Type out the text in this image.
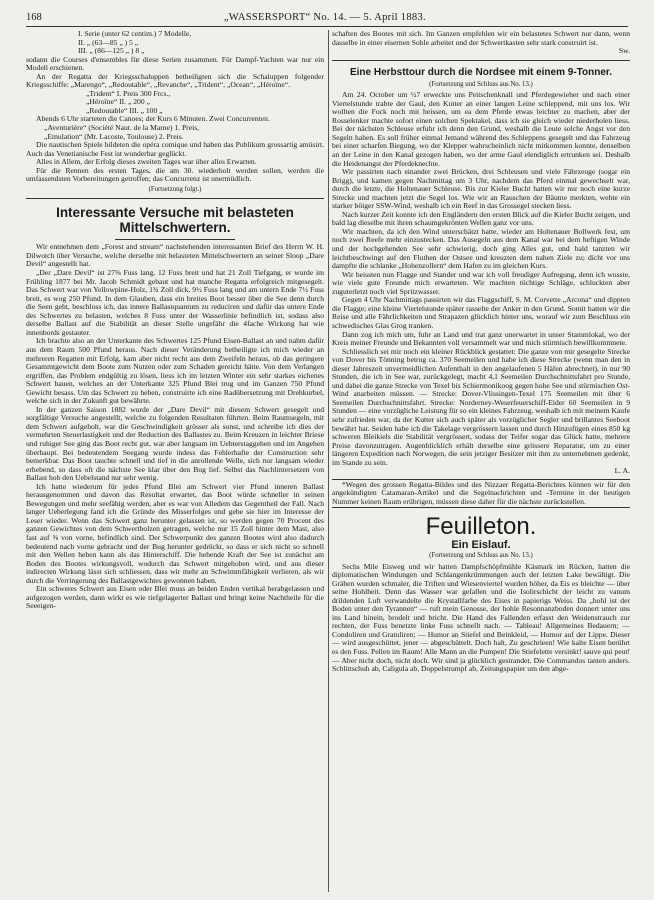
168	„WASSERSPORT“ No. 14. — 5. April 1883.
I. Serie (unter 62 centim.) 7 Modelle,
II. „ (63—85 „ ) 5 „
III. „ (86—125 „ ) 8 „

sodann die Courses d'ensembles für diese Serien zusammen. Für Dampf-Yachten war nur ein Modell erschienen.

An der Regatta der Kriegsschaluppen betheiligten sich die Schaluppen folgender Kriegsschiffe: „Marengo“, „Redoutable“, „Revanche“, „Trident“, „Ocean“, „Héroïne“.

„Trident“ I. Preis 300 Frcs.,
„Héroïne“ II. „ 200 „
„Redoutable“ III. „ 100 „

Abends 6 Uhr starteten die Canoes; der Kurs 6 Minuten. Zwei Concurrenten.

„Aventurière“ (Société Naut. de la Marne) 1. Preis,
„Emulation“ (Mr. Lacoste, Toulouse) 2. Preis.

Die nautischen Spiele bildeten die opéra comique und haben das Publikum grossartig amüsirt. Auch das Venetianische Fest ist wunderbar geglückt.

Alles in Allem, der Erfolg dieses zweiten Tages war über alles Erwarten.

Für die Rennen des ersten Tages, die am 30. wiederholt werden sollen, werden die umfassendsten Vorbereitungen getroffen; das Concurrenz ist unermüdlich.

(Fortsetzung folgt.)
Interessante Versuche mit belasteten Mittelschwertern.

Wir entnehmen dem „Forest and stream“ nachstehenden interessanten Brief des Herrn W. H. Dilwotch über Versuche, welche derselbe mit belasteten Mittelschwertern an seiner Sloop „Dare Devil“ angestellt hat.

„Der „Dare Devil“ ist 27⅝ Fuss lang, 12 Fuss breit und hat 21 Zoll Tiefgang, er wurde im Frühling 1877 bei Mr. Jacob Schmidt gebaut und hat manche Regatta erfolgreich mitgesegelt. Das Schwert war von Yellowpine-Holz, 1¾ Zoll dick, 9½ Fuss lang und am untern Ende 7½ Fuss breit, es wog 250 Pfund. In dem Glauben, dass ein breites Boot besser über die See denn durch die Seen geht, beschloss ich, das innere Ballastquantum zu reduciren und dafür das untere Ende des Schwertes zu belasten, welches 8 Fuss unter der Wasserlinie befindlich ist, sodass also derselbe Ballast auf die Stabilität an dieser Stelle ungefähr die 4fache Wirkung hat wie innenbords gestauter.

Ich brachte also an der Unterkante des Schwertes 125 Pfund Eisen-Ballast an und nahm dafür aus dem Raum 500 Pfund heraus. Nach dieser Veränderung betheiligte ich mich wieder an mehreren Regatten mit Erfolg, kam aber nicht recht aus dem Zweifeln heraus, ob das geringere Gesammtgewicht dem Boote zum Nutzen oder zum Schaden gereicht hätte. Von dem Verlangen ergriffen, das Problem endgültig zu lösen, liess ich im letzten Winter ein sehr starkes eichenes Schwert bauen, welches an der Unterkante 325 Pfund Blei trug und im Ganzen 750 Pfund Gewicht besass. Um das Schwert zu heben, construirte ich eine Radübersetzung mit Drehkurbel, welche sich in der Zukunft gut bewährte.

In der ganzen Saison 1882 wurde der „Dare Devil“ mit diesem Schwert gesegelt und sorgfältige Versuche angestellt, welche zu folgenden Resultaten führten. Beim Raumsegeln, mit dem Schwert aufgeholt, war die Geschwindigkeit grösser als sonst, und schreibe ich dies der vermehrten Steuerlastigkeit und der Reduction des Ballastes zu. Beim Kreuzen in leichter Briese und ruhiger See ging das Boot recht gut, war aber langsam im Uebterstaggehen und im Angehen überhaupt. Bei bedeutendem Seegang wurde indess das Fehlerhafte der Construction sehr bemerkbar. Das Boot tauchte schnell und tief in die anrollende Welle, sich nur langsam wieder erhebend, so dass oft die nächste See klar über den Bug lief. Selbst das Nachlintersetzen von Ballast hob den Uebelstand nur sehr wenig.

Ich hatte wiederum für jedes Pfund Blei am Schwert vier Pfund inneren Ballast herausgenommen und davon das Resultat erwartet, das Boot würde schneller in seinen Bewegungen und mehr seefähig werden, aber es war von Alledem das Gegentheil der Fall. Nach langer Ueberlegung fand ich die Gründe des Misserfolges und gebe sie hier im Interesse der Leser wieder. Wenn das Schwert ganz herunter gelassen ist, so werden gegen 70 Procent des ganzen Gewichtes von dem Schwertbolzen getragen, welche nur 15 Zoll hinter dem Mast, also fast auf ⅝ von vorne, befindlich sind. Der Schwerpunkt des ganzen Bootes wird also dadurch bedeutend nach vorne gebracht und der Bug herunter gedrückt, so dass er sich nicht so schnell mit den Wellen heben kann als das Hinterschiff. Die hebende Kraft der See ist zunächst am Boden des Bootes wirkungsvoll, wodurch das Schwert mitgehoben wird, und aus dieser indirecten Wirkung lässt sich schliessen, dass wir mehr an Schwimmfähigkeit verlieren, als wir durch die Verringerung des Ballastgewichtes gewonnen haben.

Ein schweres Schwert aus Eisen oder Blei muss an beiden Enden vertikal herabgelassen und aufgezogen werden, dann wirkt es wie tiefgelagerter Ballast und bringt keine Nachtheile für die Seeeigen-

schaften des Bootes mit sich. Im Ganzen empfehlen wir ein belastetes Schwert nur dann, wenn dasselbe in einer eisernen Sohle arbeitet und der Schwertkasten sehr stark construirt ist.

Sw.
Eine Herbsttour durch die Nordsee mit einem 9-Tonner.
(Fortsetzung und Schluss aus No. 13.)

Am 24. October um ½7 erweckte uns Peitschenknall und Pferdegewieher und nach einer Viertelstunde trabte der Gaul, den Kutter an einer langen Leine schleppend, mit uns los. Wir wollten die Fock noch mit heissen, um ea dem Pferde etwas leichter zu machen, aber der Rosselenker machte sofort einen solchen Spektakel, dass ich sie gleich wieder niederholen liess. Bei der nächsten Schleuse erfuhr ich denn den Grund, weshalb die Leute solche Angst vor den Segeln haben. Es soll früher einmal Jemand während des Schleppens gesegelt und das Fahrzeug bei einer scharfen Biegung, wo der Klepper wahrscheinlich nicht mitkommen konnte, denselben an der Leine in den Kanal gezogen haben, wo der arme Gaul elendiglich ertrunken sei. Deshalb die Heidenangst der Pferdeknechte.

Wir passirten nach einander zwei Brücken, drei Schleusen und viele Fährzeuge (sogar ein Brigg), und kamen gegen Nachmittag um 3 Uhr, nachdem das Pferd einmal gewechselt war, durch die letzte, die Holtenauer Schleuse. Bis zur Kieler Bucht hatten wir nur noch eine kurze Strecke und machten jetzt die Segel los. Wie wir an Rauschen der Bäume merkten, wehte ein starker böiger SSW-Wind, weshalb ich ein Reef in das Grossegel stecken liess.

Nach kurzer Zeit konnte ich den Engländern den ersten Blick auf die Kieler Bucht zeigen, und bald lag dieselbe mit ihren schaumgekrönten Wellen ganz vor uns.

Wir machten, da ich den Wind unterschätzt hatte, wieder am Holtenauer Bollwerk fest, um noch zwei Reefe mehr einzustecken. Das Ausegeln aus dem Kanal war bei dem heftigen Winde und der hochgehenden See sehr schwierig, doch ging Alles gut, und bald tanzten wir leichtbeschwingt auf den Fluthen der Ostsee und kreuzten dem nahen Ziele zu; dicht vor uns dampfte die schlanke „Hohenzollern“ dem Hafen zu im gleichen Kurs.

Wir heissten nun Flagge und Stander und war ich voll freudiger Aufregung, denn ich wusste, wie viele gute Freunde mich erwarteten. Wir machten tüchtige Schläge, schluckten aber zuguterletzt noch viel Spritzwasser.

Gegen 4 Uhr Nachmittags passirten wir das Flaggschiff, S. M. Corvette „Arcona“ und dippten die Flagge; eine kleine Viertelstunde später rasselte der Anker in den Grund. Somit hatten wir die Reise und alle Fährlichkeiten und Strapazen glücklich hinter uns, worauf wir zum Beschluss ein schwedisches Glas Grog tranken.

Dann zog ich mich um, fuhr an Land und trat ganz unerwartet in unser Stammlokal, wo der Kreis meiner Freunde und Bekannten voll versammelt war und mich stürmisch bewillkommnete.

Schliesslich sei mir noch ein kleiner Rückblick gestattet: Die ganze von mir gesegelte Strecke von Dover bis Tönning betrug ca. 370 Seemeilen und habe ich diese Strecke (wenn man den in dieser Jahreszeit unvermeidlichen Aufenthalt in den angelaufenen 5 Häfen abrechnet), in nur 90 Stunden, die ich in See war, zurückgelegt, macht 4,1 Seemeilen Durchschnittsfahrt pro Stunde, und dabei die ganze Strecke von Texel bis Schiermonikoog gegen hohe See und stürmischen Ost-Wind anarbeiten müssen. — Strecke: Dover-Vlissingen-Texel 175 Seemeilen mit über 6 Seemeilen Durchschnittsfahrt. Strecke: Norderney-Weserfeuerschiff-Eider 60 Seemeilen in 9 Stunden — eine vorzügliche Leistung für so ein kleines Fahrzeug, weshalb ich mit meinem Kaufe sehr zufrieden war, da der Kutter sich auch später als vorzüglicher Segler und brillantes Seeboot bewährt hat. Seiden habe ich die Takelage vergrössern lassen und durch Hinzufügen eines 850 kg schweren Bleikiels die Stabilität vergrössert, sodass der Teifer sogar das Glück hatte, mehrere Preise davonzutragen. Augenblicklich erhält derselbe eine grössere Reparatur, um zu einer längeren Expedition nach Norwegen, die sein jetziger Besitzer mit ihm zu unternehmen gedenkt, im Stande zu sein.

L. A.

*Wegen des grossen Regatta-Bildes und des Nizzaer Regatta-Berichtes können wir für den angekündigten Catamaran-Artikel und die Segelnachrichten und -Termine in der heutigen Nummer keinen Raum erübrigen, müssen diese daher für die nächste zurückstellen.

Feuilleton.
Ein Eislauf.
(Fortsetzung und Schluss aus No. 13.)

Sechs Mile Eisweg und wir hatten Dampfschöpfmühle Käsmark im Rücken, hatten die diplomatischen Windungen und Schlangenkrümmungen auch der letzten Lake bewältigt. Die Gräben wurden schmaler, die Triften und Wiesenviertel wurden höher, da Eis es bleichte — über seine Hohlheit. Denn das Wasser war gefallen und die Isolirschicht der leicht zu vanum drildenden Luft verwandelte die Krystallfarbe des Eises in papierigs Weiss. Da „hohl ist der Boden unter den Tyrannen“ — ruft mein Genosse, der hohle Resonnanzboden donnert unter uns ins Land hinein, brodelt und bricht. Die Hand des Fallenden erfasst den Weidenstrauch zur rechten, der Fuss benetzte linke Fuss schnellt nach. — Tableau! Allgemeines Bedauern; — Condoliren und Gratuliren; — Humor an Stiefel und Beinkleid, — Humor auf der Lippe. Dieser — wird ausgeschüttet, jener — abgeschüttelt. Doch halt, Zu geschrieen! Wie kalte Eisen berührt es den Fuss. Pellen im Raum! Alle Mann an die Pumpen! Die Stiefelette versinkt! sauve qui peut! — Aber nicht doch, nicht doch. Wir sind ja glücklich gestrandet. Die Commandos tanten anders. Schlittschuh ab, Caligula ab, Doppelstrumpf ab, Zeitungspapier um den abge-
